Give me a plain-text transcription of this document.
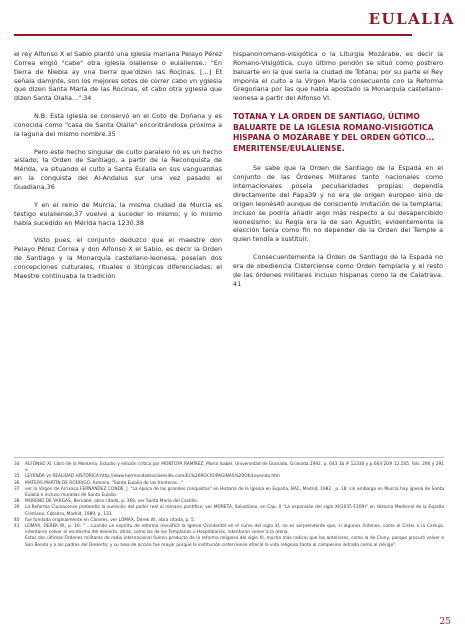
EULALIA

el rey Alfonso X el Sabio plantó una iglesia mariana Pelayo Pérez Correa erigió "cabe" otra iglesia olaliense o eulaliense.: "En tierra de Niebla ay vna tierra que'dizen las Roçinas, […] Et señala damjnte, son los mejores sotos de correr cabo vn yglesia que dizen Santa María de las Rocinas, et cabo otra yglesia que dizen Santa Olalla…".34

N.B. Esta iglesia se conservó en el Coto de Doñana y es conocida como "casa de Santa Olalla" encontrándose próxima a la laguna del mismo nombre.35

Pero este hecho singular de culto paralelo no es un hecho aislado; la Orden de Santiago, a partir de la Reconquista de Mérida, va situando el culto a Santa Eulalia en sus vanguardias en la conquista del Al-Andalus sur una vez pasado el Guadiana.36

Y en el reino de Murcia, la misma ciudad de Murcia es testigo eulaliense,37 vuelve a suceder lo mismo; y lo mismo había sucedido en Mérida hacia 1230.38

Visto pues, el conjunto deduzco que el maestre don Pelayo Pérez Correa y don Alfonso X el Sabio, es decir la Orden de Santiago y la Monarquía castellano-leonesa, poseían dos concepciones culturales, rituales o litúrgicas diferenciadas; el Maestre continuaba la tradición

hispanorromano-visigótica o la Liturgia Mozárabe, es decir la Romano-Visigótica, cuyo último pendón se situó como postrero baluarte en la que sería la ciudad de Totana; por su parte el Rey imponía el culto a la Virgen María consecuente con la Reforma Gregoriana por las que había apostado la Monarquía castellano-leonesa a partir del Alfonso VI.

TOTANA Y LA ORDEN DE SANTIAGO, ÚLTIMO BALUARTE DE LA IGLESIA ROMANO-VISIGÓTICA HISPANA O MOZÁRABE Y DEL ORDEN GÓTICO... EMERITENSE/EULALIENSE.

Se sabe que la Orden de Santiago de la Espada en el conjunto de las Órdenes Militares tanto nacionales como internacionales poseía peculiaridades propias: dependía directamente del Papa39 y no era de origen europeo sino de origen leonés40 aunque de consciente imitación de la templaria; incluso se podría añadir algo más respecto a su desapercibido leonesismo: su Regla era la de san Agustín; evidentemente la elección tenía como fin no depender de la Orden del Temple a quien tendía a sustituir.

Consecuentemente la Orden de Santiago de la Espada no era de obediencia Cisterciense como Orden templaria y el resto de las órdenes militares incluso hispanas como la de Calatrava. 41

34	ALFONSO XI, Libro de la Montería, Estudio y edición crítica por MONTOYA RAMÍREZ, María Isabel, Universidad de Granada, Granada,1992, p. 643 3b # 12330 y p.664 20# 12.545. fols. 290 y 291 v.
35	LEYENDA vs REALIDAD HISTÓRICA:http://www.hermandadrocioseville.com/EL%20ROCIO/PAGINAS%20OK/Leyenda.htm
36	MATEOS MARTÍN DE RODRIGO, Antonio, "Santa Eulalia de las fronteras…"
37	ver la Virgen de Arrixaca FERNÁNDEZ CONDE, J. "La época de las grandes conquistas" en Historia de la Iglesia en España, BAC, Madrid, 1982 , p. 18; sin embargo en Murcia hay iglesia de Santa Eulalia e incluso murallas de Santa Eulalia.
38	MORENO DE VARGAS, Bernabé, obra citada, p. 369, ver Santa María del Castillo.
39	La Reforma Cluniacense pretendía la sumisión del poder real al romano pontífice, ver MORETA, Salustiano, en Cap. II "La expansión del siglo XI(1035-1109)" en Historia Medieval de la España Cristiana, Cátedra, Madrid, 1989, p. 133.
40	fue fundada originalmente en Cáceres, ver LÓMAX, Derek W., obra citada, p. 5.
41	LÓMAX, DEREK W., p. 16: " …cuando un espíritu de reforma revivificó la Iglesia Occidental en el curso del siglo XI, no es sorprendente que, si algunos órdenes, como el Císter o la Cartuja, intentaron volver al ascetismo del desierto, otras, como las de los Templarios u Hospitalarios, intentaron volver a la arena.
Estas dos últimas Órdenes militares de radio internacional fueron producto de la reforma religiosa del siglo XI, mucho más radical que las anteriores, como la de Cluny, porque procuró volver a San Benito y a los padres del Desierto; y su área de acción fue mayor porque la institución cisterciense ofreció la vida religiosa tanto al campesino iletrado como al clérigo".
25
